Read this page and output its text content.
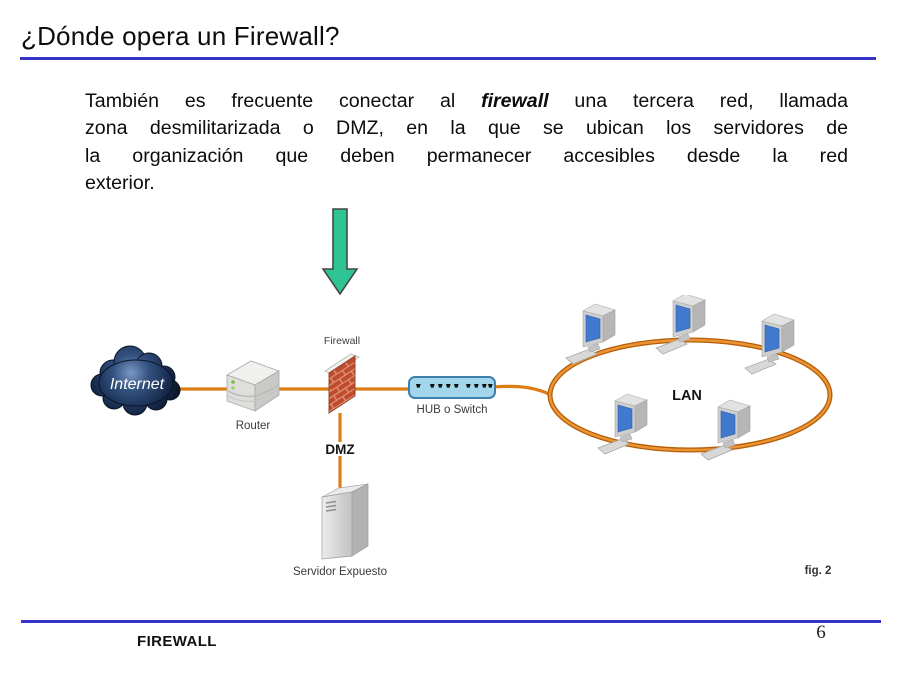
¿Dónde opera un Firewall?
También es frecuente conectar al firewall una tercera red, llamada
zona desmilitarizada o DMZ, en la que se ubican los servidores de
la organización que deben permanecer accesibles desde la red
exterior.
Internet
Router
Firewall
HUB o Switch
DMZ
Servidor Expuesto
LAN
fig. 2
FIREWALL	6
